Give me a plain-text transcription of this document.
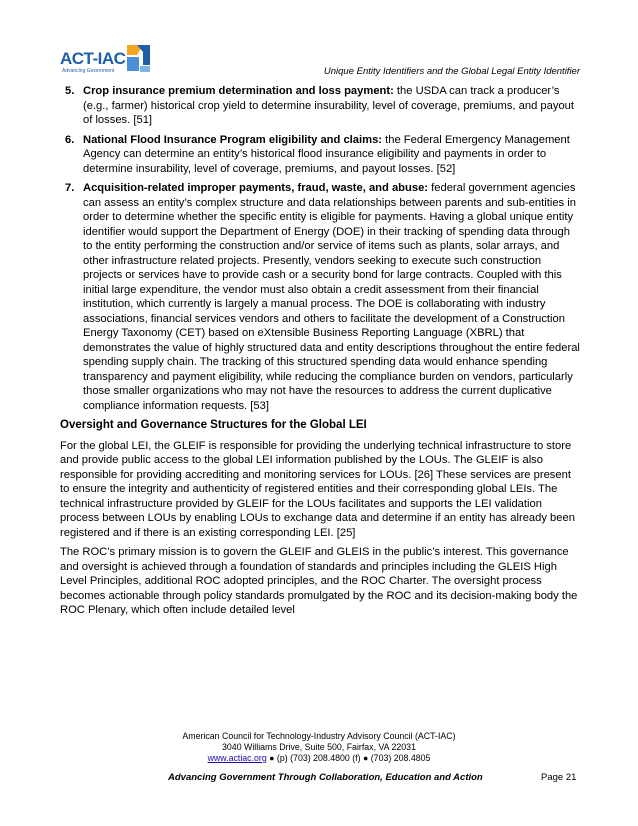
ACT-IAC
Advancing Government	Unique Entity Identifiers and the Global Legal Entity Identifier
5. Crop insurance premium determination and loss payment: the USDA can track a producer’s (e.g., farmer) historical crop yield to determine insurability, level of coverage, premiums, and payout of losses. [51]
6. National Flood Insurance Program eligibility and claims: the Federal Emergency Management Agency can determine an entity’s historical flood insurance eligibility and payments in order to determine insurability, level of coverage, premiums, and payout losses. [52]
7. Acquisition-related improper payments, fraud, waste, and abuse: federal government agencies can assess an entity’s complex structure and data relationships between parents and sub-entities in order to determine whether the specific entity is eligible for payments. Having a global unique entity identifier would support the Department of Energy (DOE) in their tracking of spending data through to the entity performing the construction and/or service of items such as plants, solar arrays, and other infrastructure related projects. Presently, vendors seeking to execute such construction projects or services have to provide cash or a security bond for large contracts. Coupled with this initial large expenditure, the vendor must also obtain a credit assessment from their financial institution, which currently is largely a manual process. The DOE is collaborating with industry associations, financial services vendors and others to facilitate the development of a Construction Energy Taxonomy (CET) based on eXtensible Business Reporting Language (XBRL) that demonstrates the value of highly structured data and entity descriptions throughout the entire federal spending supply chain. The tracking of this structured spending data would enhance spending transparency and payment eligibility, while reducing the compliance burden on vendors, particularly those smaller organizations who may not have the resources to address the current duplicative compliance information requests. [53]
Oversight and Governance Structures for the Global LEI

For the global LEI, the GLEIF is responsible for providing the underlying technical infrastructure to store and provide public access to the global LEI information published by the LOUs. The GLEIF is also responsible for providing accrediting and monitoring services for LOUs. [26] These services are present to ensure the integrity and authenticity of registered entities and their corresponding global LEIs. The technical infrastructure provided by GLEIF for the LOUs facilitates and supports the LEI validation process between LOUs by enabling LOUs to exchange data and determine if an entity has already been registered and if there is an existing corresponding LEI. [25]

The ROC’s primary mission is to govern the GLEIF and GLEIS in the public’s interest. This governance and oversight is achieved through a foundation of standards and principles including the GLEIS High Level Principles, additional ROC adopted principles, and the ROC Charter. The oversight process becomes actionable through policy standards promulgated by the ROC and its decision-making body the ROC Plenary, which often include detailed level

American Council for Technology-Industry Advisory Council (ACT-IAC)
3040 Williams Drive, Suite 500, Fairfax, VA 22031
www.actiac.org ● (p) (703) 208.4800 (f) ● (703) 208.4805
Advancing Government Through Collaboration, Education and Action	Page 21
